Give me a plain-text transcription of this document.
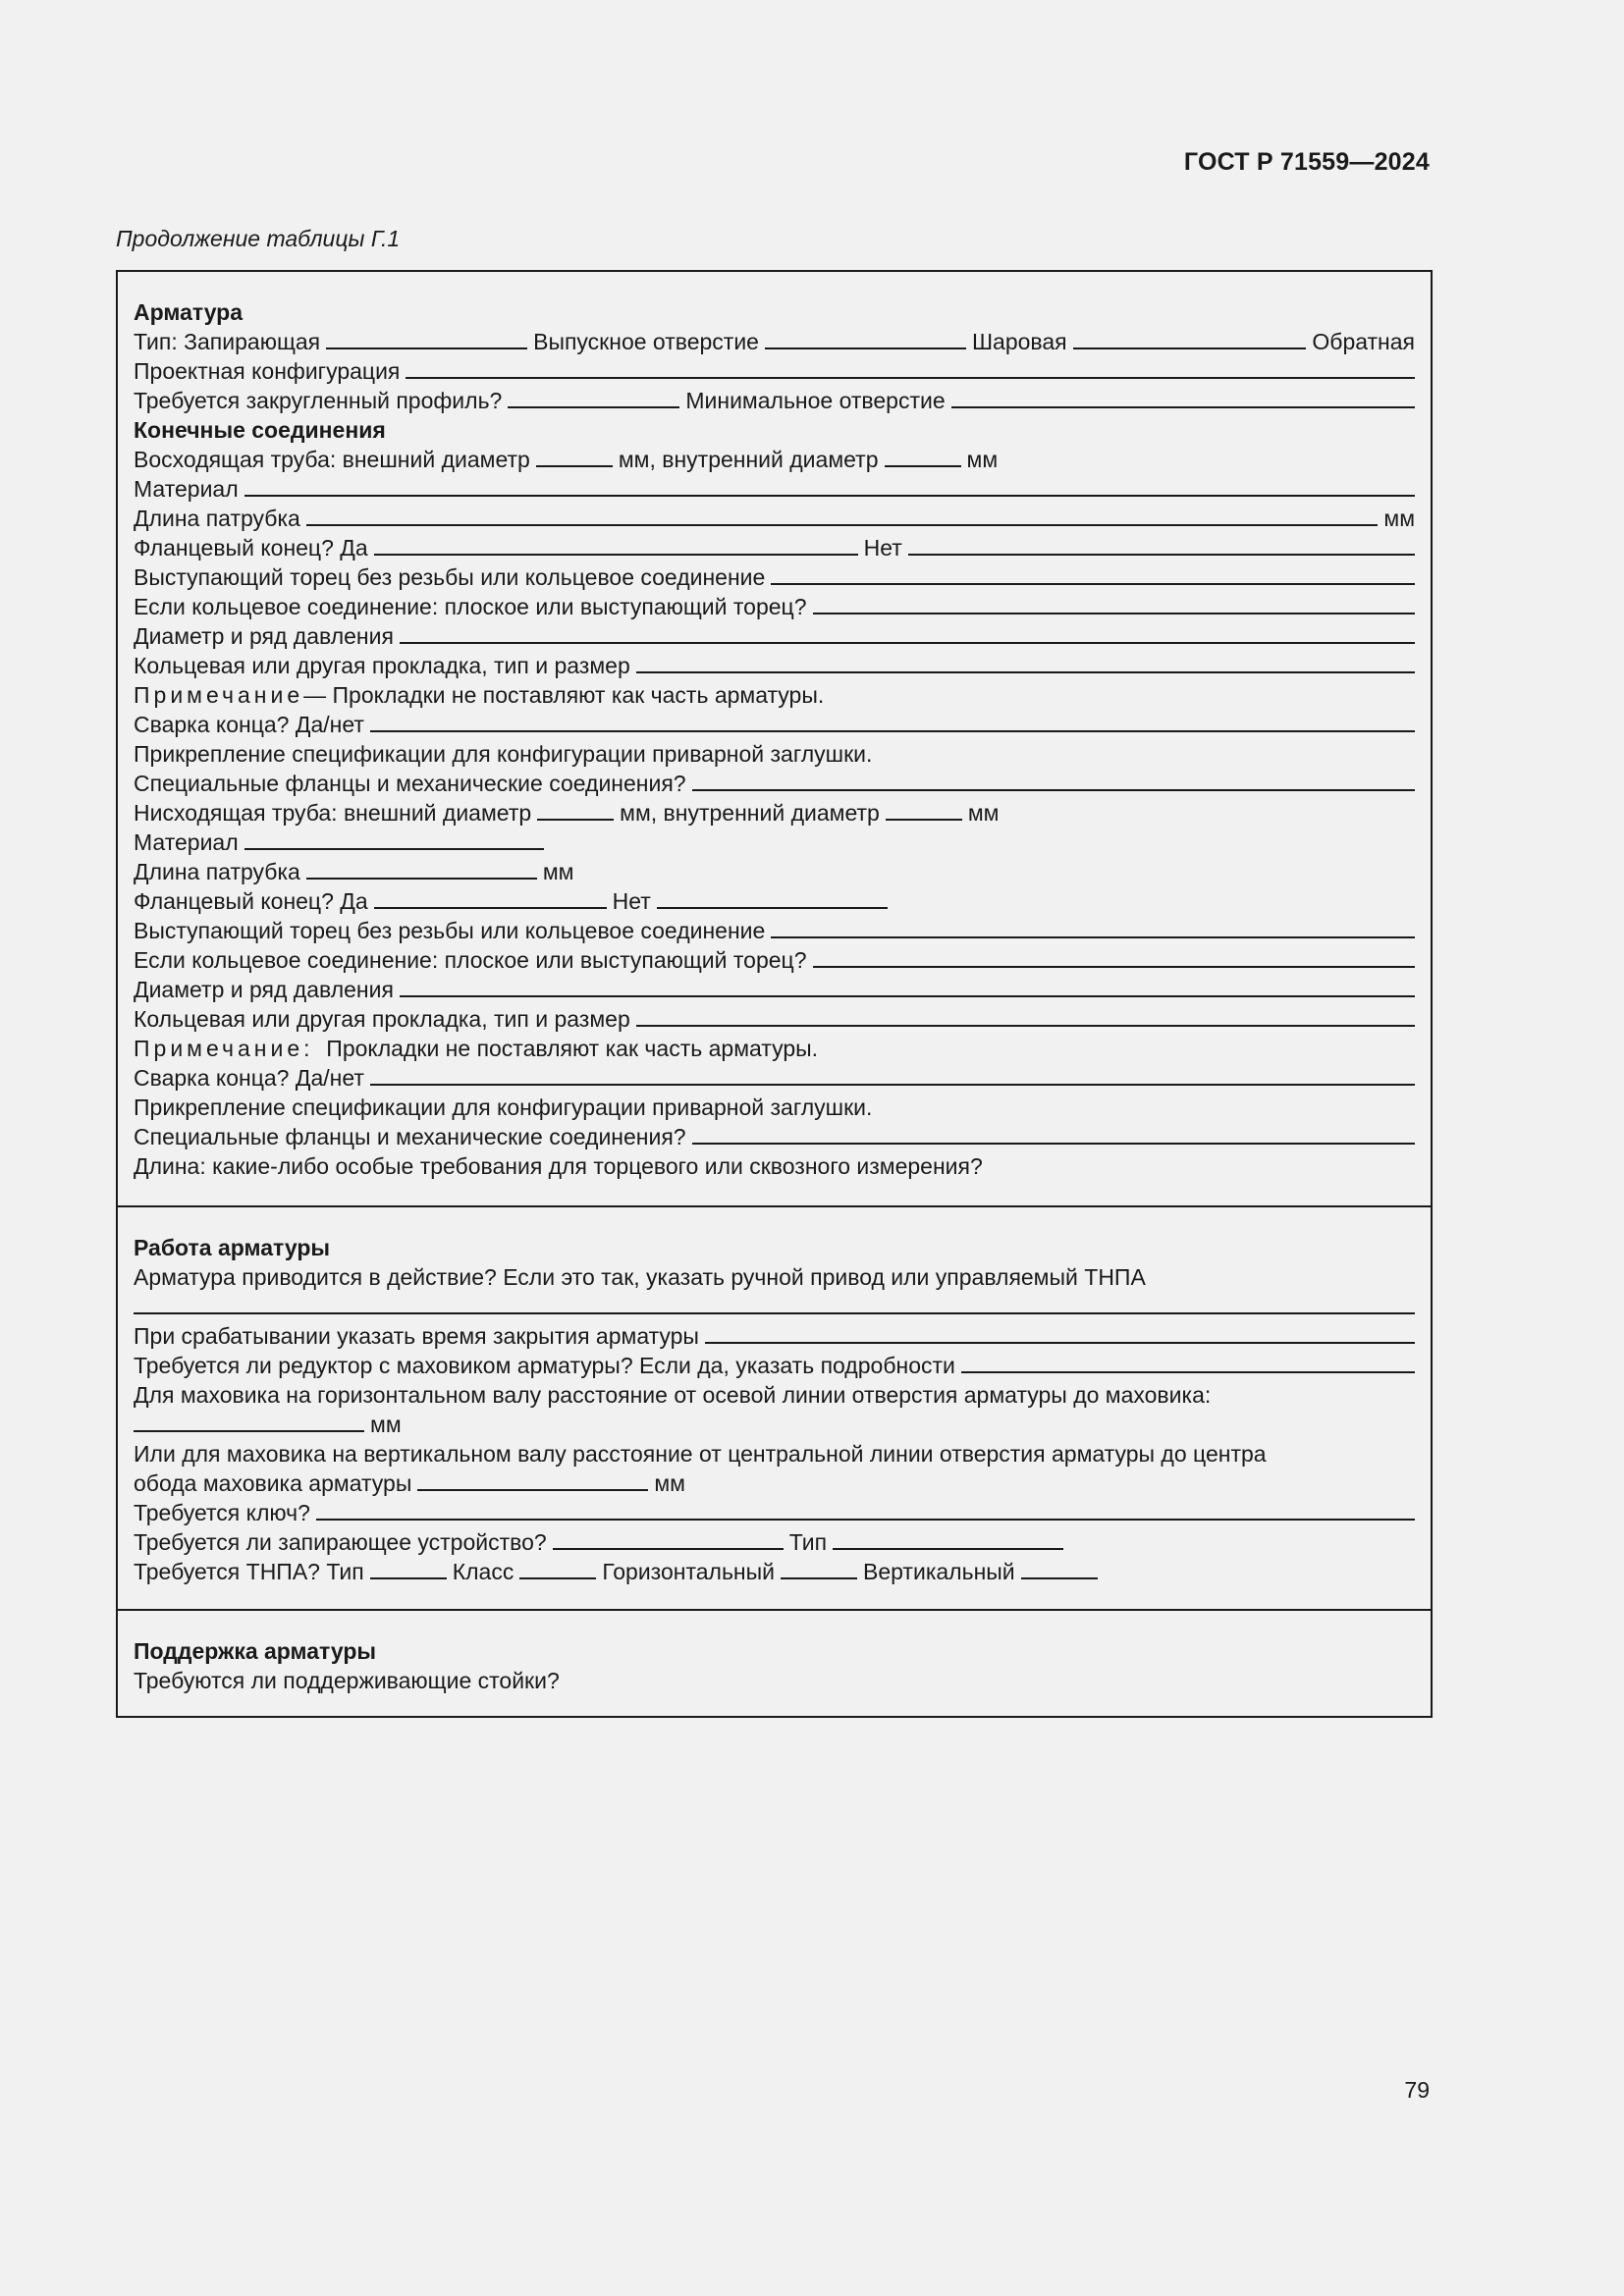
ГОСТ Р 71559—2024
Продолжение таблицы Г.1
Арматура
Тип: Запирающая	Выпускное отверстие	Шаровая	Обратная
Проектная конфигурация
Требуется закругленный профиль?	Минимальное отверстие
Конечные соединения
Восходящая труба: внешний диаметр	мм, внутренний диаметр	мм
Материал
Длина патрубка	мм
Фланцевый конец? Да	Нет
Выступающий торец без резьбы или кольцевое соединение
Если кольцевое соединение: плоское или выступающий торец?
Диаметр и ряд давления
Кольцевая или другая прокладка, тип и размер
Примечание — Прокладки не поставляют как часть арматуры.
Сварка конца? Да/нет
Прикрепление спецификации для конфигурации приварной заглушки.
Специальные фланцы и механические соединения?
Нисходящая труба: внешний диаметр	мм, внутренний диаметр	мм
Материал
Длина патрубка	мм
Фланцевый конец? Да	Нет
Выступающий торец без резьбы или кольцевое соединение
Если кольцевое соединение: плоское или выступающий торец?
Диаметр и ряд давления
Кольцевая или другая прокладка, тип и размер
Примечание: Прокладки не поставляют как часть арматуры.
Сварка конца? Да/нет
Прикрепление спецификации для конфигурации приварной заглушки.
Специальные фланцы и механические соединения?
Длина: какие-либо особые требования для торцевого или сквозного измерения?
Работа арматуры
Арматура приводится в действие? Если это так, указать ручной привод или управляемый ТНПА
При срабатывании указать время закрытия арматуры
Требуется ли редуктор с маховиком арматуры? Если да, указать подробности
Для маховика на горизонтальном валу расстояние от осевой линии отверстия арматуры до маховика:
мм
Или для маховика на вертикальном валу расстояние от центральной линии отверстия арматуры до центра
обода маховика арматуры	мм
Требуется ключ?
Требуется ли запирающее устройство?	Тип
Требуется ТНПА? Тип	Класс	Горизонтальный	Вертикальный
Поддержка арматуры
Требуются ли поддерживающие стойки?
79
